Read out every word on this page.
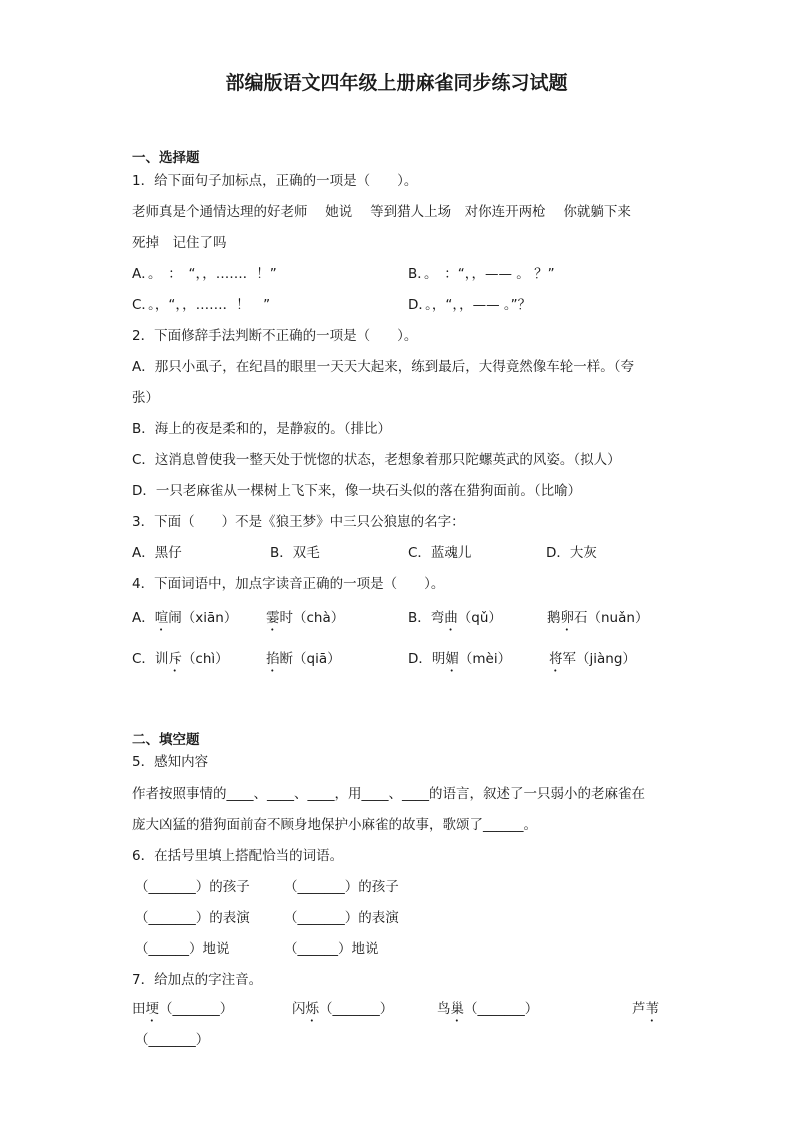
部编版语文四年级上册麻雀同步练习试题
一、选择题
1．给下面句子加标点，正确的一项是（　　）。
老师真是个通情达理的好老师　 她说　 等到猎人上场　对你连开两枪　 你就躺下来
死掉　记住了吗
A．。　：　“，，……．！”	B．。　：“，，—— 。 ？”
C．。，“，，……．！　”	D．。，“，，—— 。”？
2．下面修辞手法判断不正确的一项是（　　）。
A．那只小虱子，在纪昌的眼里一天天大起来，练到最后，大得竟然像车轮一样。（夸
张）
B．海上的夜是柔和的，是静寂的。（排比）
C．这消息曾使我一整天处于恍惚的状态，老想象着那只陀螺英武的风姿。（拟人）
D．一只老麻雀从一棵树上飞下来，像一块石头似的落在猎狗面前。（比喻）
3．下面（　　）不是《狼王梦》中三只公狼崽的名字：
A．黑仔	B．双毛	C．蓝魂儿	D．大灰
4．下面词语中，加点字读音正确的一项是（　　）。
A．喧闹（xiān） 霎时（chà）	B．弯曲（qǔ）	鹅卵石（nuǎn）
C．训斥（chì）	掐断（qiā）	D．明媚（mèi）	将军（jiàng）
二、填空题
5．感知内容
作者按照事情的____、____、____，用____、____的语言，叙述了一只弱小的老麻雀在
庞大凶猛的猎狗面前奋不顾身地保护小麻雀的故事，歌颂了______。
6．在括号里填上搭配恰当的词语。
（_______）的孩子	（_______）的孩子
（_______）的表演	（_______）的表演
（______）地说	（______）地说
7．给加点的字注音。
田埂（_______）	闪烁（_______）	鸟巢（_______）	芦苇
（_______）
